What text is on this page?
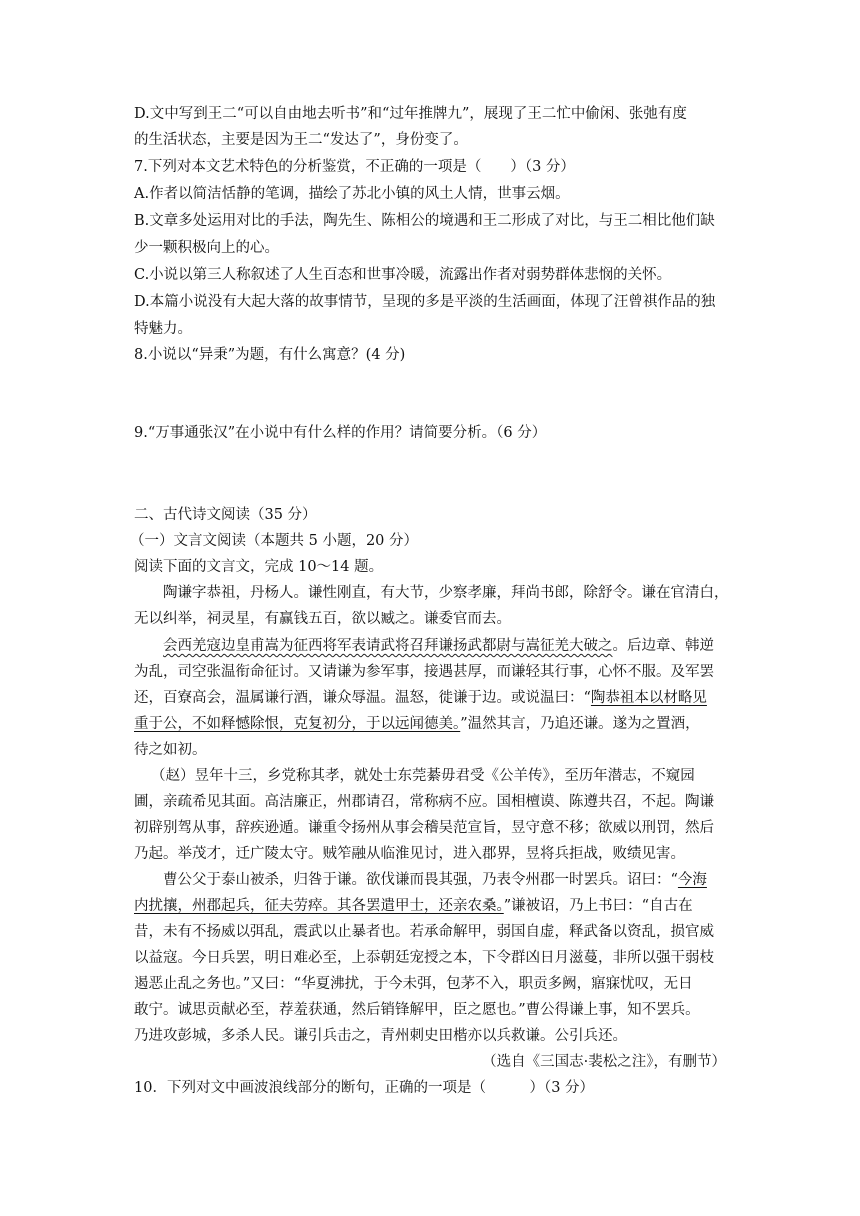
D.文中写到王二“可以自由地去听书”和“过年推牌九”，展现了王二忙中偷闲、张弛有度
的生活状态，主要是因为王二“发达了”，身份变了。
7.下列对本文艺术特色的分析鉴赏，不正确的一项是（　　）（3 分）
A.作者以简洁恬静的笔调，描绘了苏北小镇的风土人情，世事云烟。
B.文章多处运用对比的手法，陶先生、陈相公的境遇和王二形成了对比，与王二相比他们缺
少一颗积极向上的心。
C.小说以第三人称叙述了人生百态和世事冷暖，流露出作者对弱势群体悲悯的关怀。
D.本篇小说没有大起大落的故事情节，呈现的多是平淡的生活画面，体现了汪曾祺作品的独
特魅力。
8.小说以“异秉”为题，有什么寓意？(4 分)
9.“万事通张汉”在小说中有什么样的作用？请简要分析。（6 分）
二、古代诗文阅读（35 分）
（一）文言文阅读（本题共 5 小题，20 分）
阅读下面的文言文，完成 10～14 题。
陶谦字恭祖，丹杨人。谦性刚直，有大节，少察孝廉，拜尚书郎，除舒令。谦在官清白，
无以纠举，祠灵星，有赢钱五百，欲以臧之。谦委官而去。
会西羌寇边皇甫嵩为征西将军表请武将召拜谦扬武都尉与嵩征羌大破之。后边章、韩逆
为乱，司空张温衔命征讨。又请谦为参军事，接遇甚厚，而谦轻其行事，心怀不服。及军罢
还，百寮高会，温属谦行酒，谦众辱温。温怒，徙谦于边。或说温曰：“陶恭祖本以材略见
重于公，不如释憾除恨，克复初分，于以远闻德美。”温然其言，乃追还谦。遂为之置酒，
待之如初。
（赵）昱年十三，乡党称其孝，就处士东莞綦毋君受《公羊传》，至历年潜志，不窥园
圃，亲疏希见其面。高洁廉正，州郡请召，常称病不应。国相檀谟、陈遵共召，不起。陶谦
初辟别驾从事，辞疾逊遁。谦重令扬州从事会稽吴范宣旨，昱守意不移；欲威以刑罚，然后
乃起。举茂才，迁广陵太守。贼笮融从临淮见讨，进入郡界，昱将兵拒战，败绩见害。
曹公父于泰山被杀，归咎于谦。欲伐谦而畏其强，乃表令州郡一时罢兵。诏曰：“今海
内扰攘，州郡起兵，征夫劳瘁。其各罢遣甲士，还亲农桑。”谦被诏，乃上书曰：“自古在
昔，未有不扬威以弭乱，震武以止暴者也。若承命解甲，弱国自虚，释武备以资乱，损官威
以益寇。今日兵罢，明日难必至，上忝朝廷宠授之本，下令群凶日月滋蔓，非所以强干弱枝
遏恶止乱之务也。”又曰：“华夏沸扰，于今未弭，包茅不入，职贡多阙，寤寐忧叹，无日
敢宁。诚思贡献必至，荐羞获通，然后销锋解甲，臣之愿也。”曹公得谦上事，知不罢兵。
乃进攻彭城，多杀人民。谦引兵击之，青州刺史田楷亦以兵救谦。公引兵还。
（选自《三国志·裴松之注》，有删节）
10．下列对文中画波浪线部分的断句，正确的一项是（　　　）（3 分）
